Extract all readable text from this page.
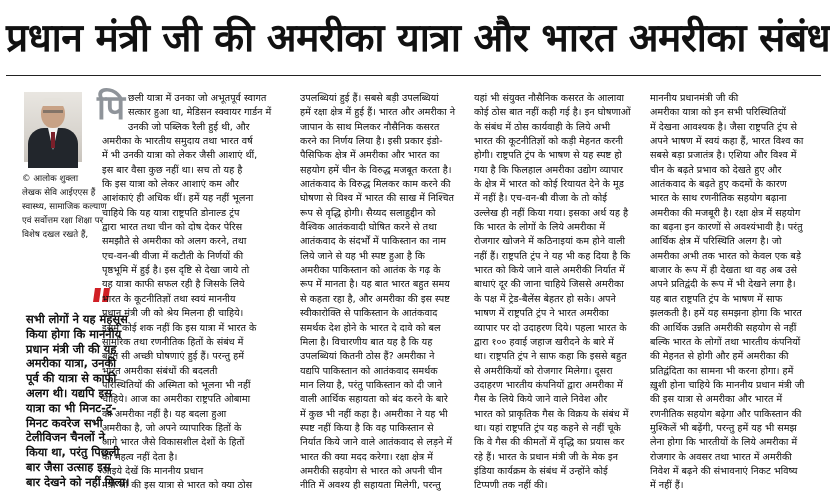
प्रधान मंत्री जी की अमरीका यात्रा और भारत अमरीका संबंध
© आलोक शुक्ला
लेखक सेवि आईएएस हैं
स्वास्थ्य, सामाजिक कल्याण
एवं सर्वोत्तम रक्षा शिक्षा पर
विशेष दखल रखते हैं,
पि
सभी लोगों ने यह महसूस
किया होगा कि माननीय
प्रधान मंत्री जी की यह
अमरीका यात्रा, उनकी
पूर्व की यात्रा से काफी
अलग थी। यद्यपि इस
यात्रा का भी मिनट-टू-
मिनट कवरेज सभी
टेलीविजन चैनलों ने
किया था, परंतु पिछली
बार जैसा उत्साह इस
बार देखने को नहीं मिला।
छली यात्रा में उनका जो अभूतपूर्व स्वागत
सत्कार हुआ था, मेडिसन स्क्वायर गार्डन में
उनकी जो पब्लिक रैली हुई थी, और
अमरीका के भारतीय समुदाय तथा भारत वर्ष
में भी उनकी यात्रा को लेकर जैसी आशाएं थीं,
इस बार वैसा कुछ नहीं था। सच तो यह है
कि इस यात्रा को लेकर आशाएं कम और
आशंकाएं ही अधिक थीं। हमें यह नहीं भूलना
चाहिये कि यह यात्रा राष्ट्रपति डोनाल्ड ट्रंप
द्वारा भारत तथा चीन को दोष देकर पेरिस
समझौते से अमरीका को अलग करने, तथा
एच-वन-बी वीजा में कटौती के निर्णयों की
पृष्ठभूमि में हुई है। इस दृष्टि से देखा जाये तो
यह यात्रा काफी सफल रही है जिसके लिये
भारत के कूटनीतिज्ञों तथा स्वयं माननीय
प्रधान मंत्री जी को श्रेय मिलना ही चाहिये।
इसमें कोई शक नहीं कि इस यात्रा में भारत के
सामरिक तथा रणनीतिक हितों के संबंध में
बहुत सी अच्छी घोषणाएं हुई हैं। परन्तु हमें
भारत अमरीका संबंधों की बदलती
परिस्थितियों की अस्मिता को भूलना भी नहीं
चाहिये। आज का अमरीका राष्ट्रपति ओबामा
का अमरीका नहीं है। यह बदला हुआ
अमरीका है, जो अपने व्यापारिक हितों के
आगे भारत जैसे विकासशील देशों के हितों
को महत्व नहीं देता है।
आइये देखें कि माननीय प्रधान
मंत्री जी की इस यात्रा से भारत को क्या ठोस
उपलब्धियां हुई हैं। सबसे बड़ी उपलब्धियां
हमें रक्षा क्षेत्र में हुई हैं। भारत और अमरीका ने
जापान के साथ मिलकर नौसैनिक कसरत
करने का निर्णय लिया है। इसी प्रकार इंडो-
पैसिफिक क्षेत्र में अमरीका और भारत का
सहयोग हमें चीन के विरुद्ध मजबूत करता है।
आतंकवाद के विरुद्ध मिलकर काम करने की
घोषणा से विश्व में भारत की साख में निश्चित
रूप से वृद्धि होगी। सैय्यद सलाहुद्दीन को
वैश्विक आतंकवादी घोषित करने से तथा
आतंकवाद के संदर्भों में पाकिस्तान का नाम
लिये जाने से यह भी स्पष्ट हुआ है कि
अमरीका पाकिस्तान को आतंक के गढ़ के
रूप में मानता है। यह बात भारत बहुत समय
से कहता रहा है, और अमरीका की इस स्पष्ट
स्वीकारोक्ति से पाकिस्तान के आतंकवाद
समर्थक देश होने के भारत दे दावे को बल
मिला है। विचारणीय बात यह है कि यह
उपलब्धियां कितनी ठोस हैं? अमरीका ने
यद्यपि पाकिस्तान को आतंकवाद समर्थक
मान लिया है, परंतु पाकिस्तान को दी जाने
वाली आर्थिक सहायता को बंद करने के बारे
में कुछ भी नहीं कहा है। अमरीका ने यह भी
स्पष्ट नहीं किया है कि वह पाकिस्तान से
निर्यात किये जाने वाले आतंकवाद से लड़ने में
भारत की क्या मदद करेगा। रक्षा क्षेत्र में
अमरीकी सहयोग से भारत को अपनी चीन
नीति में अवश्य ही सहायता मिलेगी, परन्तु
यहां भी संयुक्त नौसैनिक कसरत के आलावा
कोई ठोस बात नहीं कही गई है। इन घोषणाओं
के संबंध में ठोस कार्यवाही के लिये अभी
भारत की कूटनीतिज्ञों को कड़ी मेहनत करनी
होगी। राष्ट्रपति ट्रंप के भाषण से यह स्पष्ट हो
गया है कि फिलहाल अमरीका उद्योग व्यापार
के क्षेत्र में भारत को कोई रियायत देने के मूड
में नहीं है। एच-वन-बी वीजा के तो कोई
उल्लेख ही नहीं किया गया। इसका अर्थ यह है
कि भारत के लोगों के लिये अमरीका में
रोजगार खोजने में कठिनाइयां कम होने वाली
नहीं हैं। राष्ट्रपति ट्रंप ने यह भी कह दिया है कि
भारत को किये जाने वाले अमरीकी निर्यात में
बाधाएं दूर की जाना चाहिये जिससे अमरीका
के पक्ष में ट्रेड-बैलेंस बेहतर हो सके। अपने
भाषण में राष्ट्रपति ट्रंप ने भारत अमरीका
व्यापार पर दो उदाहरण दिये। पहला भारत के
द्वारा १०० हवाई जहाज खरीदने के बारे में
था। राष्ट्रपति ट्रंप ने साफ कहा कि इससे बहुत
से अमरीकियों को रोजगार मिलेगा। दूसरा
उदाहरण भारतीय कंपनियों द्वारा अमरीका में
गैस के लिये किये जाने वाले निवेश और
भारत को प्राकृतिक गैस के विक्रय के संबंध में
था। यहां राष्ट्रपति ट्रंप यह कहने से नहीं चूके
कि वे गैस की कीमतों में वृद्धि का प्रयास कर
रहे हैं। भारत के प्रधान मंत्री जी के मेक इन
इंडिया कार्यक्रम के संबंध में उन्होंने कोई
टिप्पणी तक नहीं की।
माननीय प्रधानमंत्री जी की
अमरीका यात्रा को इन सभी परिस्थितियों
में देखना आवश्यक है। जैसा राष्ट्रपति ट्रंप से
अपने भाषण में स्वयं कहा हैं, भारत विश्व का
सबसे बड़ा प्रजातंत्र है। एशिया और विश्व में
चीन के बढ़ते प्रभाव को देखते हुए और
आतंकवाद के बढ़ते हुए कदमों के कारण
भारत के साथ रणनीतिक सहयोग बढ़ाना
अमरीका की मजबूरी है। रक्षा क्षेत्र में सहयोग
का बढ़ना इन कारणों से अवश्यंभावी है। परंतु
आर्थिक क्षेत्र में परिस्थिति अलग है। जो
अमरीका अभी तक भारत को केवल एक बड़े
बाजार के रूप में ही देखता था वह अब उसे
अपने प्रतिद्वंदी के रूप में भी देखने लगा है।
यह बात राष्ट्रपति ट्रंप के भाषण में साफ
झलकती है। हमें यह समझना होगा कि भारत
की आर्थिक उन्नति अमरीकी सहयोग से नहीं
बल्कि भारत के लोगों तथा भारतीय कंपनियों
की मेहनत से होगी और हमें अमरीका की
प्रतिद्वंदिता का सामना भी करना होगा। हमें
ख़ुशी होना चाहिये कि माननीय प्रधान मंत्री जी
की इस यात्रा से अमरीका और भारत में
रणनीतिक सहयोग बढ़ेगा और पाकिस्तान की
मुश्किलें भी बढ़ेंगी, परन्तु हमें यह भी समझ
लेना होगा कि भारतीयों के लिये अमरीका में
रोजगार के अवसर तथा भारत में अमरीकी
निवेश में बढ़ने की संभावनाएं निकट भविष्य
में नहीं हैं।
